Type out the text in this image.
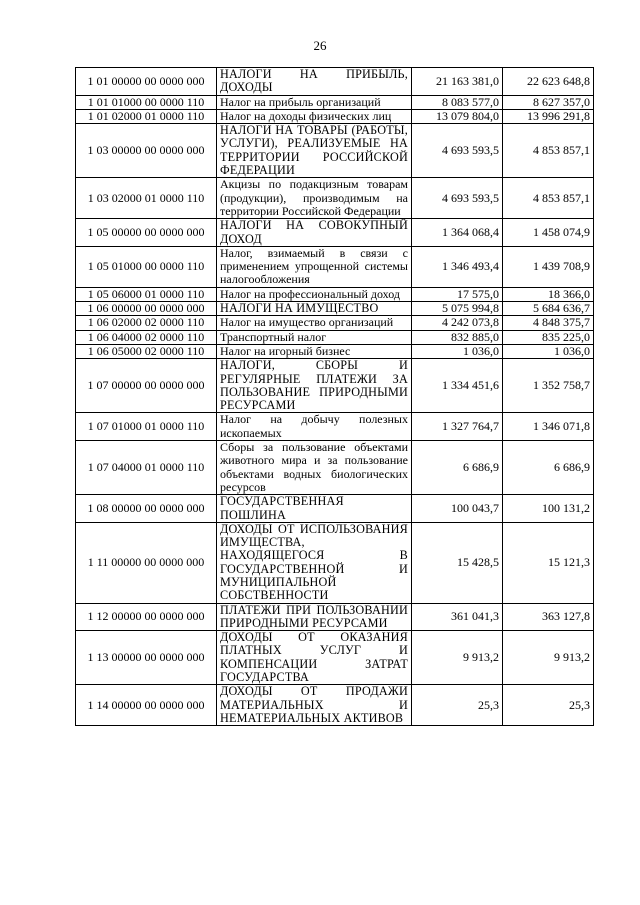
26
1 01 00000 00 0000 000	НАЛОГИ НА ПРИБЫЛЬ, ДОХОДЫ	21 163 381,0	22 623 648,8
1 01 01000 00 0000 110	Налог на прибыль организаций	8 083 577,0	8 627 357,0
1 01 02000 01 0000 110	Налог на доходы физических лиц	13 079 804,0	13 996 291,8
1 03 00000 00 0000 000	НАЛОГИ НА ТОВАРЫ (РАБОТЫ, УСЛУГИ), РЕАЛИЗУЕМЫЕ НА ТЕРРИТОРИИ РОССИЙСКОЙ ФЕДЕРАЦИИ	4 693 593,5	4 853 857,1
1 03 02000 01 0000 110	Акцизы по подакцизным товарам (продукции), производимым на территории Российской Федерации	4 693 593,5	4 853 857,1
1 05 00000 00 0000 000	НАЛОГИ НА СОВОКУПНЫЙ ДОХОД	1 364 068,4	1 458 074,9
1 05 01000 00 0000 110	Налог, взимаемый в связи с применением упрощенной системы налогообложения	1 346 493,4	1 439 708,9
1 05 06000 01 0000 110	Налог на профессиональный доход	17 575,0	18 366,0
1 06 00000 00 0000 000	НАЛОГИ НА ИМУЩЕСТВО	5 075 994,8	5 684 636,7
1 06 02000 02 0000 110	Налог на имущество организаций	4 242 073,8	4 848 375,7
1 06 04000 02 0000 110	Транспортный налог	832 885,0	835 225,0
1 06 05000 02 0000 110	Налог на игорный бизнес	1 036,0	1 036,0
1 07 00000 00 0000 000	НАЛОГИ, СБОРЫ И РЕГУЛЯРНЫЕ ПЛАТЕЖИ ЗА ПОЛЬЗОВАНИЕ ПРИРОДНЫМИ РЕСУРСАМИ	1 334 451,6	1 352 758,7
1 07 01000 01 0000 110	Налог на добычу полезных ископаемых	1 327 764,7	1 346 071,8
1 07 04000 01 0000 110	Сборы за пользование объектами животного мира и за пользование объектами водных биологических ресурсов	6 686,9	6 686,9
1 08 00000 00 0000 000	ГОСУДАРСТВЕННАЯ ПОШЛИНА	100 043,7	100 131,2
1 11 00000 00 0000 000	ДОХОДЫ ОТ ИСПОЛЬЗОВАНИЯ ИМУЩЕСТВА, НАХОДЯЩЕГОСЯ В ГОСУДАРСТВЕННОЙ И МУНИЦИПАЛЬНОЙ СОБСТВЕННОСТИ	15 428,5	15 121,3
1 12 00000 00 0000 000	ПЛАТЕЖИ ПРИ ПОЛЬЗОВАНИИ ПРИРОДНЫМИ РЕСУРСАМИ	361 041,3	363 127,8
1 13 00000 00 0000 000	ДОХОДЫ ОТ ОКАЗАНИЯ ПЛАТНЫХ УСЛУГ И КОМПЕНСАЦИИ ЗАТРАТ ГОСУДАРСТВА	9 913,2	9 913,2
1 14 00000 00 0000 000	ДОХОДЫ ОТ ПРОДАЖИ МАТЕРИАЛЬНЫХ И НЕМАТЕРИАЛЬНЫХ АКТИВОВ	25,3	25,3
